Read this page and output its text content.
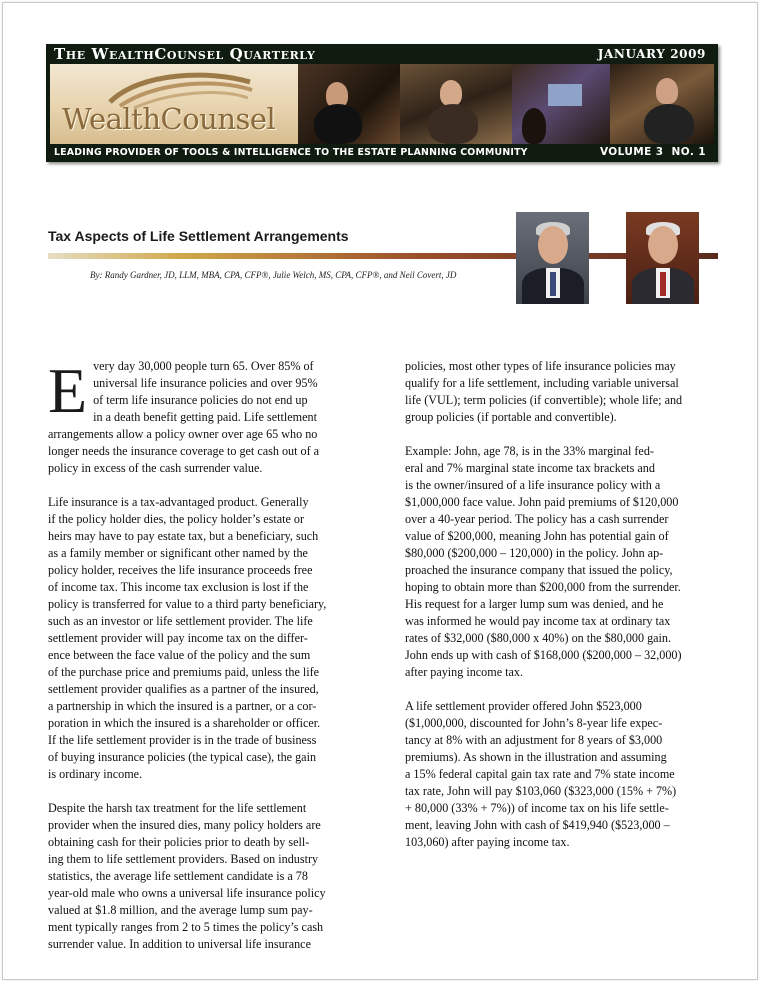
The WealthCounsel Quarterly	JANUARY 2009
WealthCounsel
LEADING PROVIDER OF TOOLS & INTELLIGENCE TO THE ESTATE PLANNING COMMUNITY	VOLUME 3  NO. 1
Tax Aspects of Life Settlement Arrangements
By: Randy Gardner, JD, LLM, MBA, CPA, CFP®, Julie Welch, MS, CPA, CFP®, and Neil Covert, JD

E very day 30,000 people turn 65. Over 85% of
universal life insurance policies and over 95%
of term life insurance policies do not end up
in a death benefit getting paid. Life settlement
arrangements allow a policy owner over age 65 who no
longer needs the insurance coverage to get cash out of a
policy in excess of the cash surrender value.

Life insurance is a tax-advantaged product. Generally
if the policy holder dies, the policy holder’s estate or
heirs may have to pay estate tax, but a beneficiary, such
as a family member or significant other named by the
policy holder, receives the life insurance proceeds free
of income tax. This income tax exclusion is lost if the
policy is transferred for value to a third party beneficiary,
such as an investor or life settlement provider. The life
settlement provider will pay income tax on the differ-
ence between the face value of the policy and the sum
of the purchase price and premiums paid, unless the life
settlement provider qualifies as a partner of the insured,
a partnership in which the insured is a partner, or a cor-
poration in which the insured is a shareholder or officer.
If the life settlement provider is in the trade of business
of buying insurance policies (the typical case), the gain
is ordinary income.

Despite the harsh tax treatment for the life settlement
provider when the insured dies, many policy holders are
obtaining cash for their policies prior to death by sell-
ing them to life settlement providers. Based on industry
statistics, the average life settlement candidate is a 78
year-old male who owns a universal life insurance policy
valued at $1.8 million, and the average lump sum pay-
ment typically ranges from 2 to 5 times the policy’s cash
surrender value. In addition to universal life insurance

policies, most other types of life insurance policies may
qualify for a life settlement, including variable universal
life (VUL); term policies (if convertible); whole life; and
group policies (if portable and convertible).

Example: John, age 78, is in the 33% marginal fed-
eral and 7% marginal state income tax brackets and
is the owner/insured of a life insurance policy with a
$1,000,000 face value. John paid premiums of $120,000
over a 40-year period. The policy has a cash surrender
value of $200,000, meaning John has potential gain of
$80,000 ($200,000 – 120,000) in the policy. John ap-
proached the insurance company that issued the policy,
hoping to obtain more than $200,000 from the surrender.
His request for a larger lump sum was denied, and he
was informed he would pay income tax at ordinary tax
rates of $32,000 ($80,000 x 40%) on the $80,000 gain.
John ends up with cash of $168,000 ($200,000 – 32,000)
after paying income tax.

A life settlement provider offered John $523,000
($1,000,000, discounted for John’s 8-year life expec-
tancy at 8% with an adjustment for 8 years of $3,000
premiums). As shown in the illustration and assuming
a 15% federal capital gain tax rate and 7% state income
tax rate, John will pay $103,060 ($323,000 (15% + 7%)
+ 80,000 (33% + 7%)) of income tax on his life settle-
ment, leaving John with cash of $419,940 ($523,000 –
103,060) after paying income tax.
